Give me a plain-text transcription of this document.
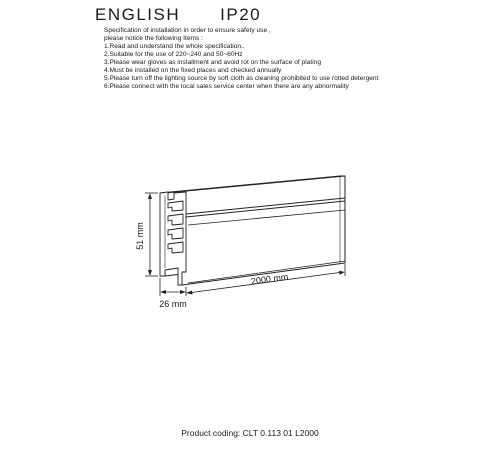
ENGLISH IP20
Specification of installation in order to ensure safety use ,
please notice the following Items :
1.Read and understand the whole specification..
2.Suitable for the use of 220~240 and 50~60Hz
3.Please wear gloves as installment and avoid rot on the surface of plating
4.Must be installed on the fixed places and checked annually
5.Please turn off the lighting source by soft cloth as cleaning prohibited to use rotted detergent
6.Please connect with the local sales service center when there are any abnormality
51 mm
26 mm
2000 mm
Product coding: CLT 0.113 01 L2000
